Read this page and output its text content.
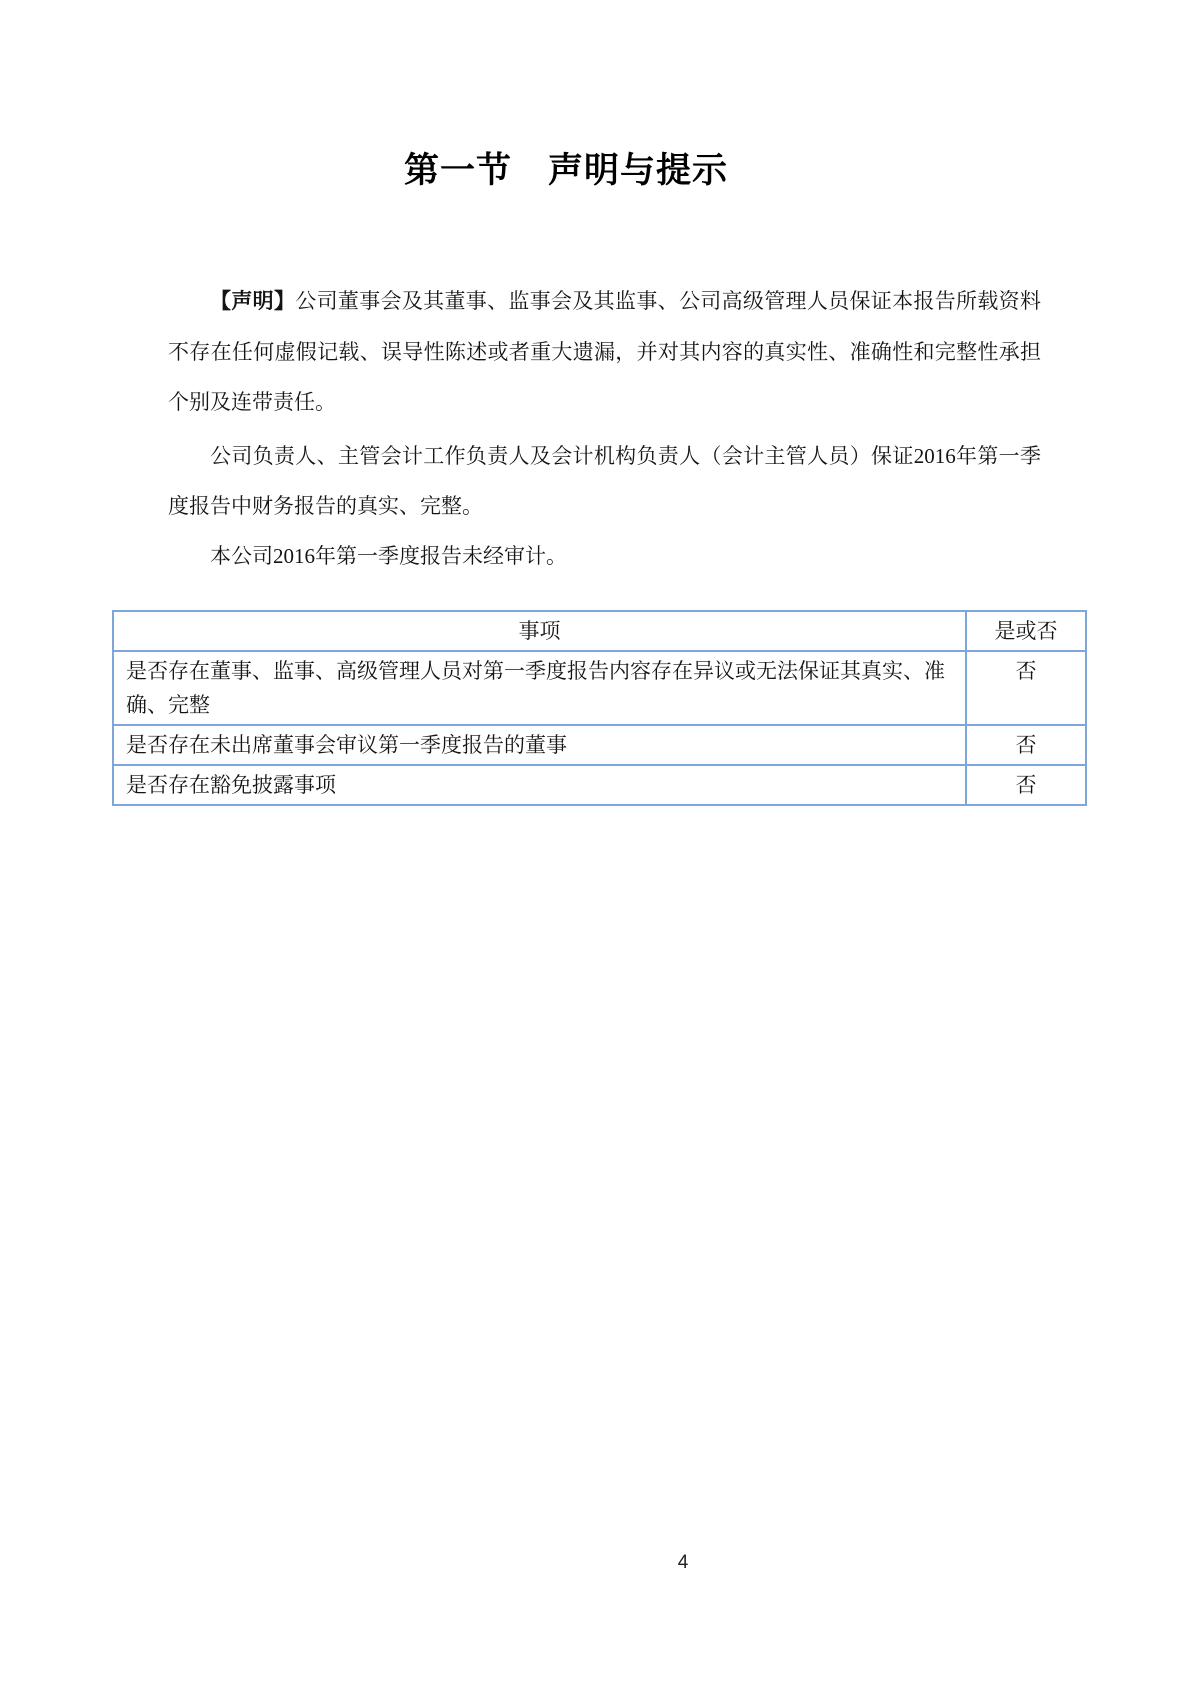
第一节　声明与提示
【声明】公司董事会及其董事、监事会及其监事、公司高级管理人员保证本报告所载资料
不存在任何虚假记载、误导性陈述或者重大遗漏，并对其内容的真实性、准确性和完整性承担
个别及连带责任。
公司负责人、主管会计工作负责人及会计机构负责人（会计主管人员）保证2016年第一季
度报告中财务报告的真实、完整。
本公司2016年第一季度报告未经审计。
事项	是或否
是否存在董事、监事、高级管理人员对第一季度报告内容存在异议或无法保证其真实、准确、完整	否
是否存在未出席董事会审议第一季度报告的董事	否
是否存在豁免披露事项	否
4
